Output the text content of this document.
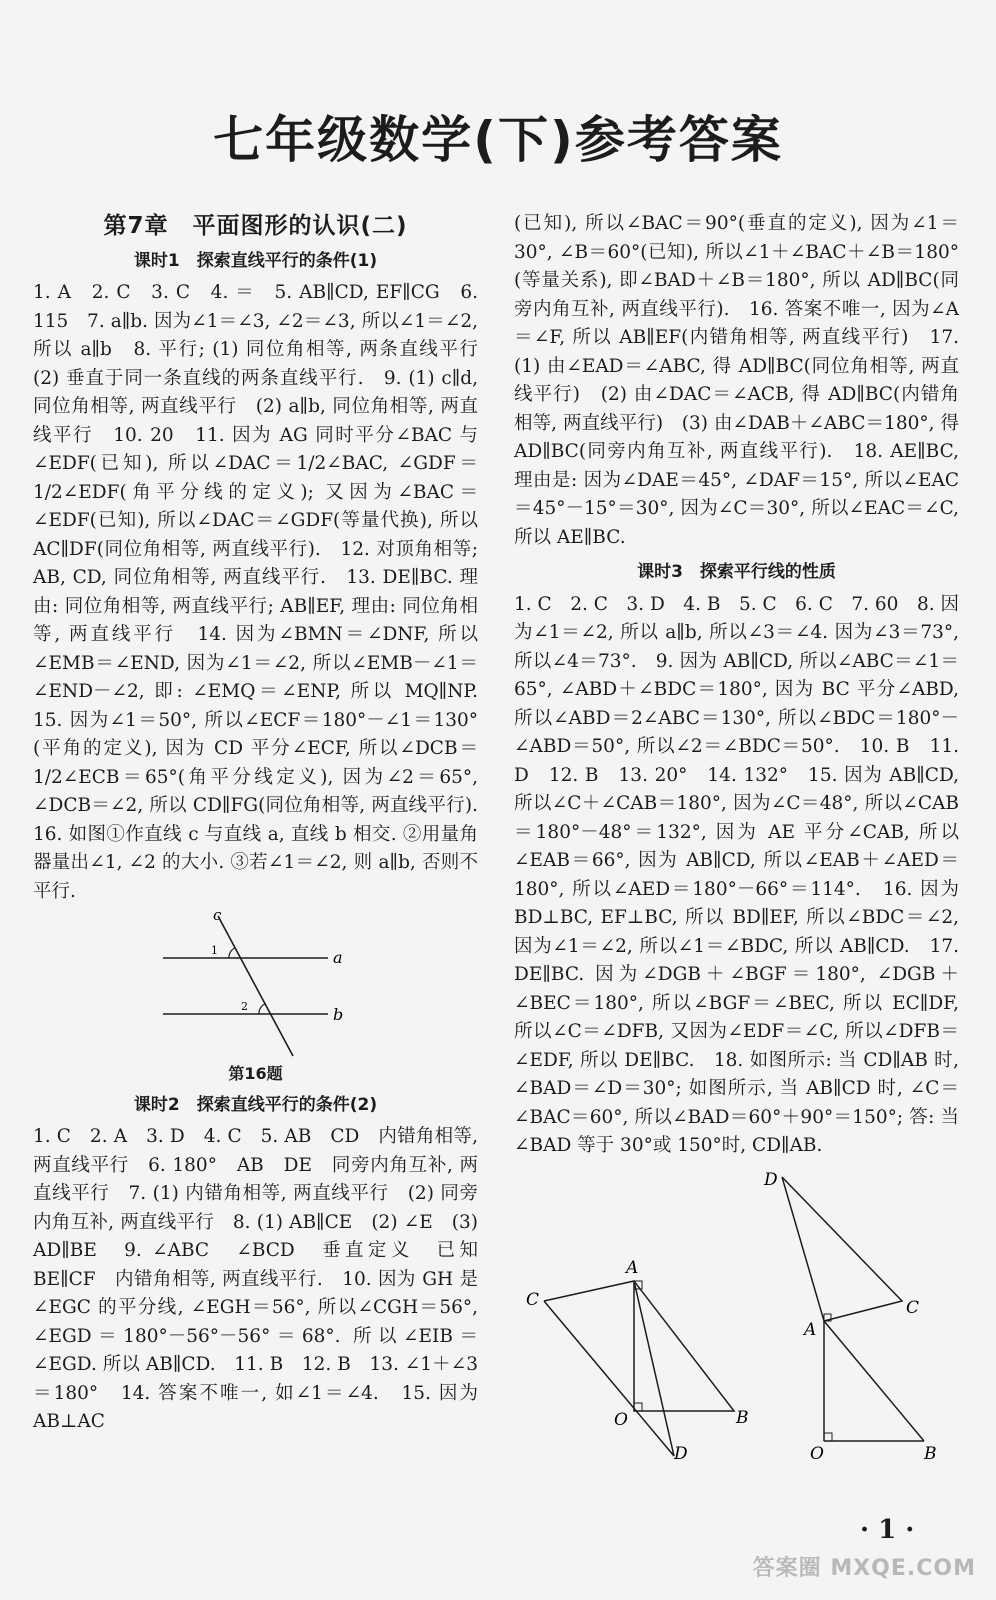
七年级数学(下)参考答案
第7章　平面图形的认识(二)
课时1　探索直线平行的条件(1)

1. A　2. C　3. C　4. ＝　5. AB∥CD, EF∥CG　6. 115　7. a∥b. 因为∠1＝∠3, ∠2＝∠3, 所以∠1＝∠2, 所以 a∥b　8. 平行; (1) 同位角相等, 两条直线平行　(2) 垂直于同一条直线的两条直线平行.　9. (1) c∥d, 同位角相等, 两直线平行　(2) a∥b, 同位角相等, 两直线平行　10. 20　11. 因为 AG 同时平分∠BAC 与∠EDF(已知), 所以∠DAC＝1/2∠BAC, ∠GDF＝1/2∠EDF(角平分线的定义); 又因为∠BAC＝∠EDF(已知), 所以∠DAC＝∠GDF(等量代换), 所以 AC∥DF(同位角相等, 两直线平行).　12. 对顶角相等; AB, CD, 同位角相等, 两直线平行.　13. DE∥BC. 理由: 同位角相等, 两直线平行; AB∥EF, 理由: 同位角相等, 两直线平行　14. 因为∠BMN＝∠DNF, 所以∠EMB＝∠END, 因为∠1＝∠2, 所以∠EMB－∠1＝∠END－∠2, 即: ∠EMQ＝∠ENP, 所以 MQ∥NP.　15. 因为∠1＝50°, 所以∠ECF＝180°－∠1＝130°(平角的定义), 因为 CD 平分∠ECF, 所以∠DCB＝1/2∠ECB＝65°(角平分线定义), 因为∠2＝65°, ∠DCB＝∠2, 所以 CD∥FG(同位角相等, 两直线平行).　16. 如图①作直线 c 与直线 a, 直线 b 相交. ②用量角器量出∠1, ∠2 的大小. ③若∠1＝∠2, 则 a∥b, 否则不平行.

c
a
b
1
2

第16题

课时2　探索直线平行的条件(2)

1. C　2. A　3. D　4. C　5. AB　CD　内错角相等, 两直线平行　6. 180°　AB　DE　同旁内角互补, 两直线平行　7. (1) 内错角相等, 两直线平行　(2) 同旁内角互补, 两直线平行　8. (1) AB∥CE　(2) ∠E　(3) AD∥BE　9. ∠ABC　∠BCD　垂直定义　已知　BE∥CF　内错角相等, 两直线平行.　10. 因为 GH 是∠EGC 的平分线, ∠EGH＝56°, 所以∠CGH＝56°, ∠EGD＝180°－56°－56°＝68°. 所以∠EIB＝∠EGD. 所以 AB∥CD.　11. B　12. B　13. ∠1＋∠3＝180°　14. 答案不唯一, 如∠1＝∠4.　15. 因为 AB⊥AC

(已知), 所以∠BAC＝90°(垂直的定义), 因为∠1＝30°, ∠B＝60°(已知), 所以∠1＋∠BAC＋∠B＝180°(等量关系), 即∠BAD＋∠B＝180°, 所以 AD∥BC(同旁内角互补, 两直线平行).　16. 答案不唯一, 因为∠A＝∠F, 所以 AB∥EF(内错角相等, 两直线平行)　17. (1) 由∠EAD＝∠ABC, 得 AD∥BC(同位角相等, 两直线平行)　(2) 由∠DAC＝∠ACB, 得 AD∥BC(内错角相等, 两直线平行)　(3) 由∠DAB＋∠ABC＝180°, 得 AD∥BC(同旁内角互补, 两直线平行).　18. AE∥BC, 理由是: 因为∠DAE＝45°, ∠DAF＝15°, 所以∠EAC＝45°－15°＝30°, 因为∠C＝30°, 所以∠EAC＝∠C, 所以 AE∥BC.

课时3　探索平行线的性质

1. C　2. C　3. D　4. B　5. C　6. C　7. 60　8. 因为∠1＝∠2, 所以 a∥b, 所以∠3＝∠4. 因为∠3＝73°, 所以∠4＝73°.　9. 因为 AB∥CD, 所以∠ABC＝∠1＝65°, ∠ABD＋∠BDC＝180°, 因为 BC 平分∠ABD, 所以∠ABD＝2∠ABC＝130°, 所以∠BDC＝180°－∠ABD＝50°, 所以∠2＝∠BDC＝50°.　10. B　11. D　12. B　13. 20°　14. 132°　15. 因为 AB∥CD, 所以∠C＋∠CAB＝180°, 因为∠C＝48°, 所以∠CAB＝180°－48°＝132°, 因为 AE 平分∠CAB, 所以∠EAB＝66°, 因为 AB∥CD, 所以∠EAB＋∠AED＝180°, 所以∠AED＝180°－66°＝114°.　16. 因为 BD⊥BC, EF⊥BC, 所以 BD∥EF, 所以∠BDC＝∠2, 因为∠1＝∠2, 所以∠1＝∠BDC, 所以 AB∥CD.　17. DE∥BC. 因为∠DGB＋∠BGF＝180°, ∠DGB＋∠BEC＝180°, 所以∠BGF＝∠BEC, 所以 EC∥DF, 所以∠C＝∠DFB, 又因为∠EDF＝∠C, 所以∠DFB＝∠EDF, 所以 DE∥BC.　18. 如图所示: 当 CD∥AB 时, ∠BAD＝∠D＝30°; 如图所示, 当 AB∥CD 时, ∠C＝∠BAC＝60°, 所以∠BAD＝60°＋90°＝150°; 答: 当∠BAD 等于 30°或 150°时, CD∥AB.

A
C
O	B
D
D
C
A
O	B
· 1 ·
答案圈 MXQE.COM
